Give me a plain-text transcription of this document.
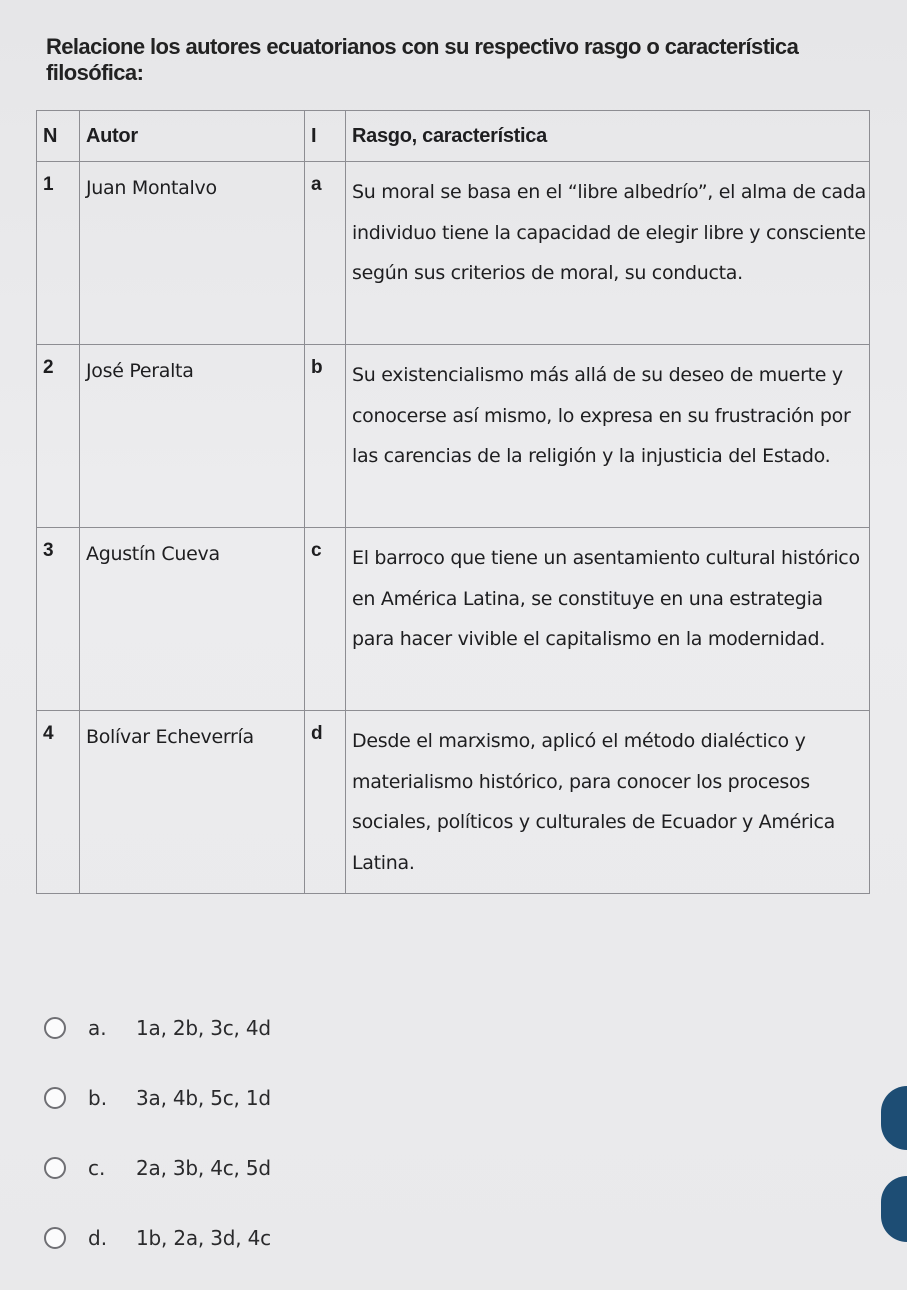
Relacione los autores ecuatorianos con su respectivo rasgo o característica
filosófica:
N	Autor	I	Rasgo, característica

1	Juan Montalvo	a	Su moral se basa en el “libre albedrío”, el alma de cada individuo tiene la capacidad de elegir libre y consciente según sus criterios de moral, su conducta.

2	José Peralta	b	Su existencialismo más allá de su deseo de muerte y conocerse así mismo, lo expresa en su frustración por las carencias de la religión y la injusticia del Estado.

3	Agustín Cueva	c	El barroco que tiene un asentamiento cultural histórico en América Latina, se constituye en una estrategia para hacer vivible el capitalismo en la modernidad.

4	Bolívar Echeverría	d	Desde el marxismo, aplicó el método dialéctico y materialismo histórico, para conocer los procesos sociales, políticos y culturales de Ecuador y América Latina.
a.	1a, 2b, 3c, 4d
b.	3a, 4b, 5c, 1d
c.	2a, 3b, 4c, 5d
d.	1b, 2a, 3d, 4c
